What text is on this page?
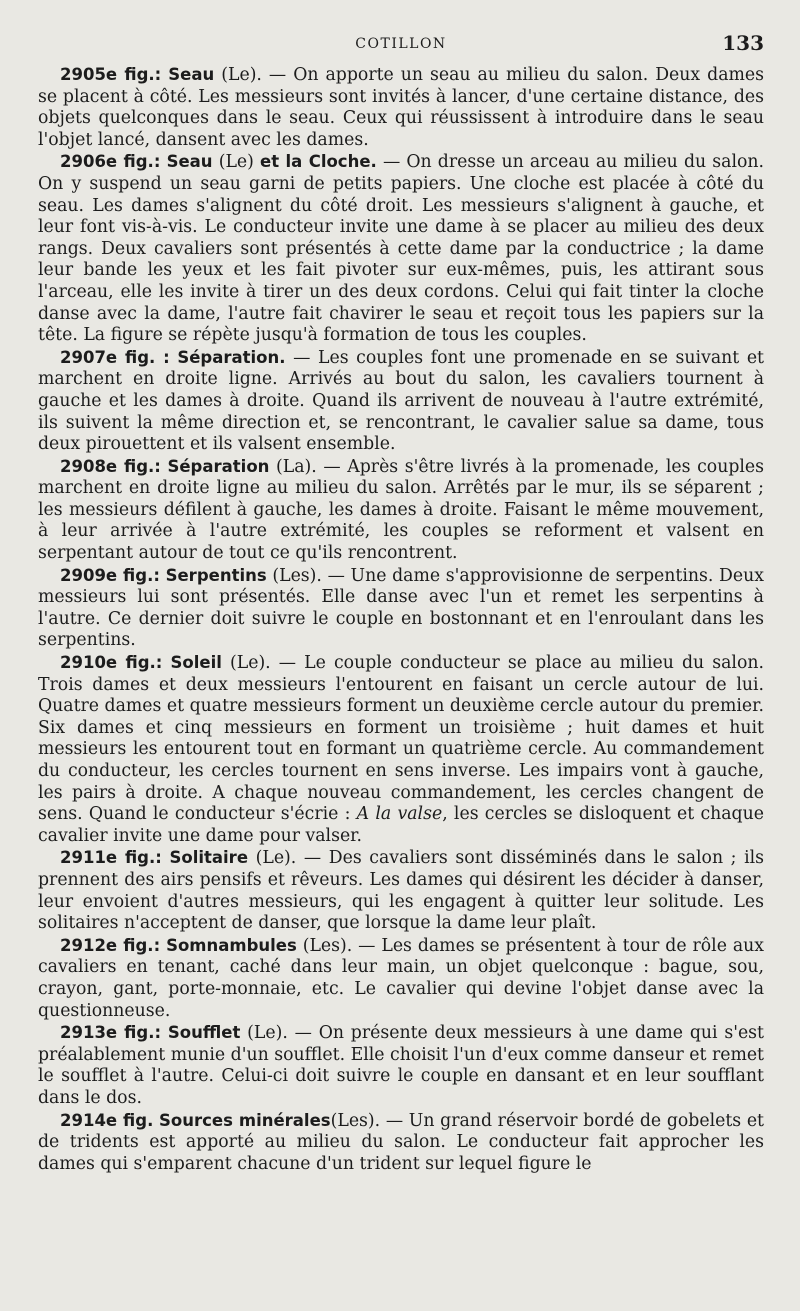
COTILLON	133

2905e fig.: Seau (Le). — On apporte un seau au milieu du salon. Deux dames se placent à côté. Les messieurs sont invités à lancer, d'une certaine distance, des objets quelconques dans le seau. Ceux qui réussissent à introduire dans le seau l'objet lancé, dansent avec les dames.

2906e fig.: Seau (Le) et la Cloche. — On dresse un arceau au milieu du salon. On y suspend un seau garni de petits papiers. Une cloche est placée à côté du seau. Les dames s'alignent du côté droit. Les messieurs s'alignent à gauche, et leur font vis-à-vis. Le conducteur invite une dame à se placer au milieu des deux rangs. Deux cavaliers sont présentés à cette dame par la conductrice ; la dame leur bande les yeux et les fait pivoter sur eux-mêmes, puis, les attirant sous l'arceau, elle les invite à tirer un des deux cordons. Celui qui fait tinter la cloche danse avec la dame, l'autre fait chavirer le seau et reçoit tous les papiers sur la tête. La figure se répète jusqu'à formation de tous les couples.

2907e fig. : Séparation. — Les couples font une promenade en se suivant et marchent en droite ligne. Arrivés au bout du salon, les cavaliers tournent à gauche et les dames à droite. Quand ils arrivent de nouveau à l'autre extrémité, ils suivent la même direction et, se rencontrant, le cavalier salue sa dame, tous deux pirouettent et ils valsent ensemble.

2908e fig.: Séparation (La). — Après s'être livrés à la promenade, les couples marchent en droite ligne au milieu du salon. Arrêtés par le mur, ils se séparent ; les messieurs défilent à gauche, les dames à droite. Faisant le même mouvement, à leur arrivée à l'autre extrémité, les couples se reforment et valsent en serpentant autour de tout ce qu'ils rencontrent.

2909e fig.: Serpentins (Les). — Une dame s'approvisionne de serpentins. Deux messieurs lui sont présentés. Elle danse avec l'un et remet les serpentins à l'autre. Ce dernier doit suivre le couple en bostonnant et en l'enroulant dans les serpentins.

2910e fig.: Soleil (Le). — Le couple conducteur se place au milieu du salon. Trois dames et deux messieurs l'entourent en faisant un cercle autour de lui. Quatre dames et quatre messieurs forment un deuxième cercle autour du premier. Six dames et cinq messieurs en forment un troisième ; huit dames et huit messieurs les entourent tout en formant un quatrième cercle. Au commandement du conducteur, les cercles tournent en sens inverse. Les impairs vont à gauche, les pairs à droite. A chaque nouveau commandement, les cercles changent de sens. Quand le conducteur s'écrie : A la valse, les cercles se disloquent et chaque cavalier invite une dame pour valser.

2911e fig.: Solitaire (Le). — Des cavaliers sont disséminés dans le salon ; ils prennent des airs pensifs et rêveurs. Les dames qui désirent les décider à danser, leur envoient d'autres messieurs, qui les engagent à quitter leur solitude. Les solitaires n'acceptent de danser, que lorsque la dame leur plaît.

2912e fig.: Somnambules (Les). — Les dames se présentent à tour de rôle aux cavaliers en tenant, caché dans leur main, un objet quelconque : bague, sou, crayon, gant, porte-monnaie, etc. Le cavalier qui devine l'objet danse avec la questionneuse.

2913e fig.: Soufflet (Le). — On présente deux messieurs à une dame qui s'est préalablement munie d'un soufflet. Elle choisit l'un d'eux comme danseur et remet le soufflet à l'autre. Celui-ci doit suivre le couple en dansant et en leur soufflant dans le dos.

2914e fig. Sources minérales(Les). — Un grand réservoir bordé de gobelets et de tridents est apporté au milieu du salon. Le conducteur fait approcher les dames qui s'emparent chacune d'un trident sur lequel figure le
